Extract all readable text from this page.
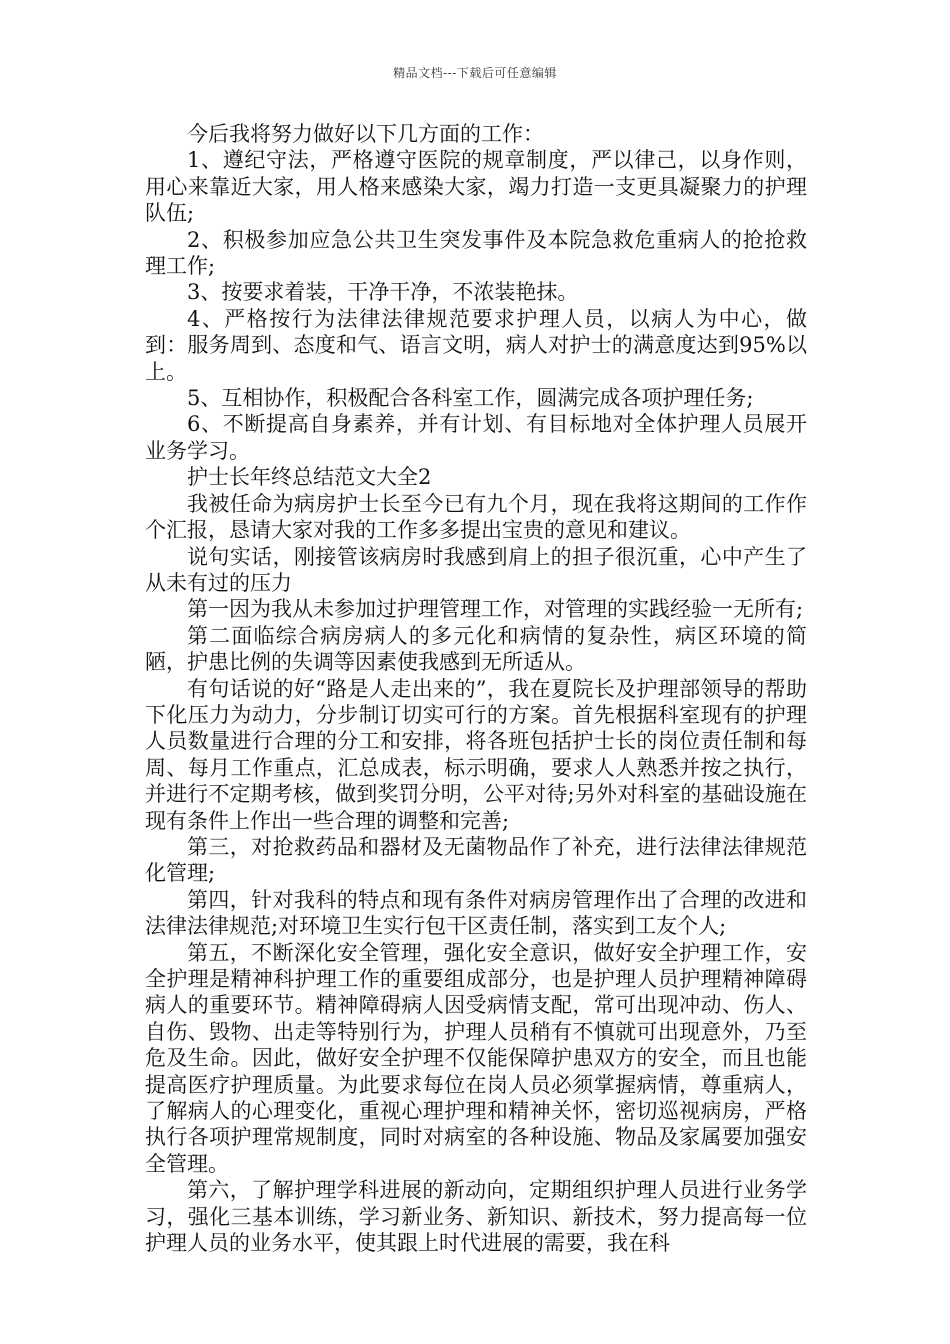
精品文档---下载后可任意编辑

今后我将努力做好以下几方面的工作：

1、遵纪守法，严格遵守医院的规章制度，严以律己，以身作则，用心来靠近大家，用人格来感染大家，竭力打造一支更具凝聚力的护理队伍;

2、积极参加应急公共卫生突发事件及本院急救危重病人的抢抢救理工作;

3、按要求着装，干净干净，不浓装艳抹。

4、严格按行为法律法律规范要求护理人员，以病人为中心，做到：服务周到、态度和气、语言文明，病人对护士的满意度达到95%以上。

5、互相协作，积极配合各科室工作，圆满完成各项护理任务;

6、不断提高自身素养，并有计划、有目标地对全体护理人员展开业务学习。

护士长年终总结范文大全2

我被任命为病房护士长至今已有九个月，现在我将这期间的工作作个汇报，恳请大家对我的工作多多提出宝贵的意见和建议。

说句实话，刚接管该病房时我感到肩上的担子很沉重，心中产生了从未有过的压力

第一因为我从未参加过护理管理工作，对管理的实践经验一无所有;

第二面临综合病房病人的多元化和病情的复杂性，病区环境的简陋，护患比例的失调等因素使我感到无所适从。

有句话说的好“路是人走出来的”，我在夏院长及护理部领导的帮助下化压力为动力，分步制订切实可行的方案。首先根据科室现有的护理人员数量进行合理的分工和安排，将各班包括护士长的岗位责任制和每周、每月工作重点，汇总成表，标示明确，要求人人熟悉并按之执行，并进行不定期考核，做到奖罚分明，公平对待;另外对科室的基础设施在现有条件上作出一些合理的调整和完善;

第三，对抢救药品和器材及无菌物品作了补充，进行法律法律规范化管理;

第四，针对我科的特点和现有条件对病房管理作出了合理的改进和法律法律规范;对环境卫生实行包干区责任制，落实到工友个人;

第五，不断深化安全管理，强化安全意识，做好安全护理工作，安全护理是精神科护理工作的重要组成部分，也是护理人员护理精神障碍病人的重要环节。精神障碍病人因受病情支配，常可出现冲动、伤人、自伤、毁物、出走等特别行为，护理人员稍有不慎就可出现意外，乃至危及生命。因此，做好安全护理不仅能保障护患双方的安全，而且也能提高医疗护理质量。为此要求每位在岗人员必须掌握病情，尊重病人，了解病人的心理变化，重视心理护理和精神关怀，密切巡视病房，严格执行各项护理常规制度，同时对病室的各种设施、物品及家属要加强安全管理。

第六，了解护理学科进展的新动向，定期组织护理人员进行业务学习，强化三基本训练，学习新业务、新知识、新技术，努力提高每一位护理人员的业务水平，使其跟上时代进展的需要，我在科
